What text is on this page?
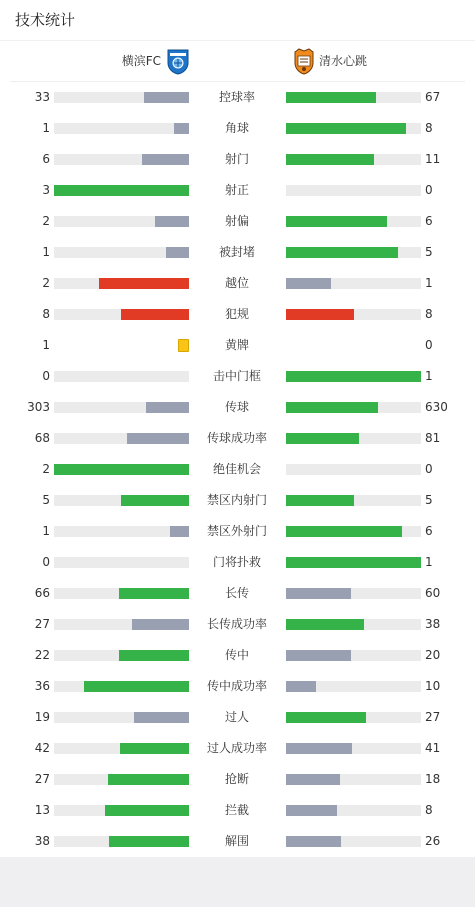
技术统计
横滨FC	清水心跳
33	控球率	67
1	角球	8
6	射门	11
3	射正	0
2	射偏	6
1	被封堵	5
2	越位	1
8	犯规	8
1	黄牌	0
0	击中门框	1
303	传球	630
68	传球成功率	81
2	绝佳机会	0
5	禁区内射门	5
1	禁区外射门	6
0	门将扑救	1
66	长传	60
27	长传成功率	38
22	传中	20
36	传中成功率	10
19	过人	27
42	过人成功率	41
27	抢断	18
13	拦截	8
38	解围	26
